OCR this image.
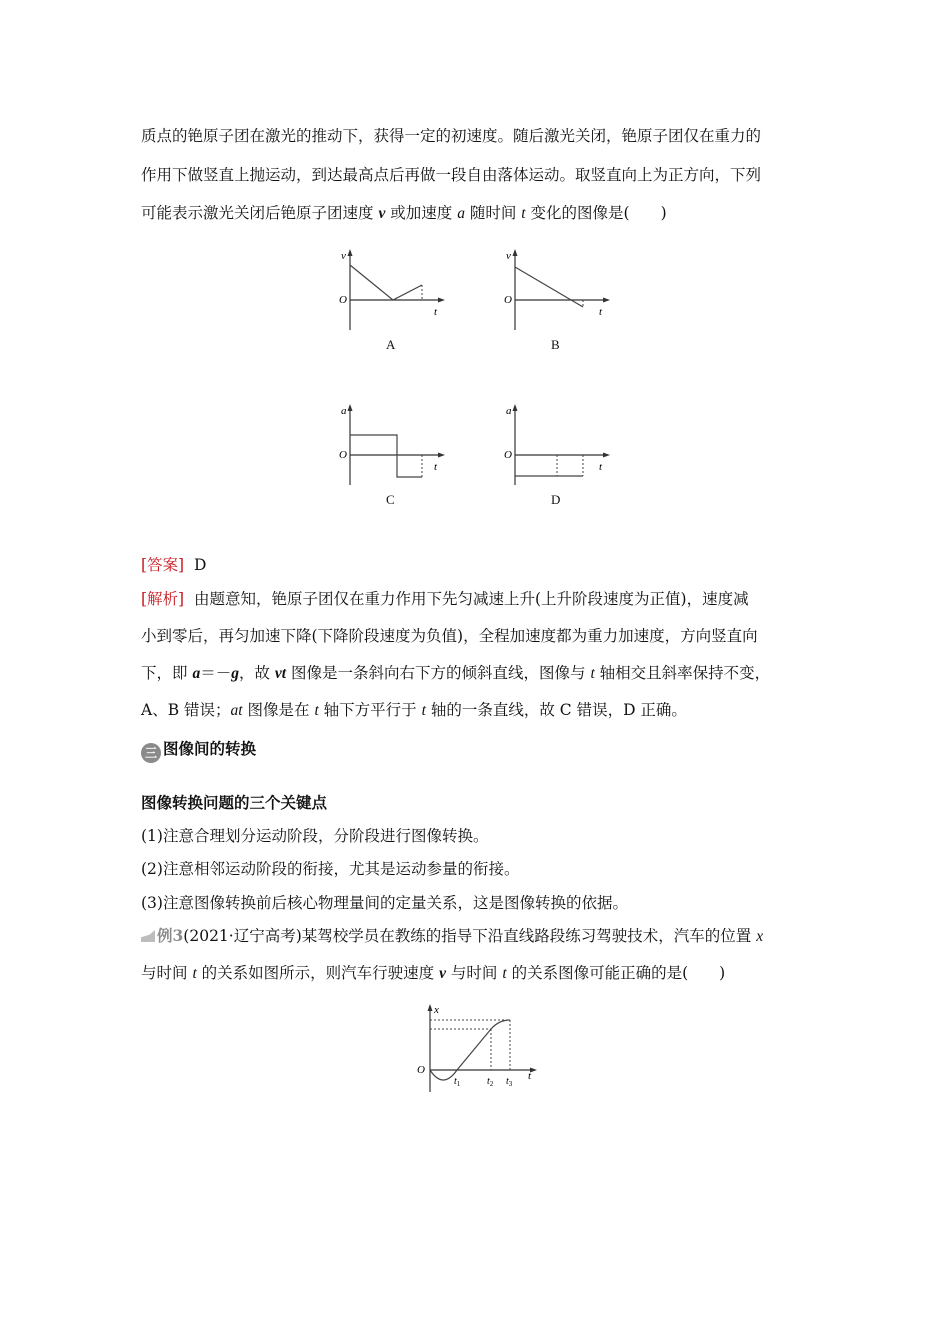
质点的铯原子团在激光的推动下，获得一定的初速度。随后激光关闭，铯原子团仅在重力的
作用下做竖直上抛运动，到达最高点后再做一段自由落体运动。取竖直向上为正方向，下列
可能表示激光关闭后铯原子团速度 v 或加速度 a 随时间 t 变化的图像是(　　)
v
O
t
A
v
O
t
B
a
O
t
C
a
O
t
D
[答案] D
[解析] 由题意知，铯原子团仅在重力作用下先匀减速上升(上升阶段速度为正值)，速度减
小到零后，再匀加速下降(下降阶段速度为负值)，全程加速度都为重力加速度，方向竖直向
下，即 a＝－g，故 vt 图像是一条斜向右下方的倾斜直线，图像与 t 轴相交且斜率保持不变，
A、B 错误；at 图像是在 t 轴下方平行于 t 轴的一条直线，故 C 错误，D 正确。
三 图像间的转换
图像转换问题的三个关键点
(1)注意合理划分运动阶段，分阶段进行图像转换。
(2)注意相邻运动阶段的衔接，尤其是运动参量的衔接。
(3)注意图像转换前后核心物理量间的定量关系，这是图像转换的依据。
例3(2021·辽宁高考)某驾校学员在教练的指导下沿直线路段练习驾驶技术，汽车的位置 x
与时间 t 的关系如图所示，则汽车行驶速度 v 与时间 t 的关系图像可能正确的是(　　)
x
O	t
$t_1$	$t_2$ $t_3$
